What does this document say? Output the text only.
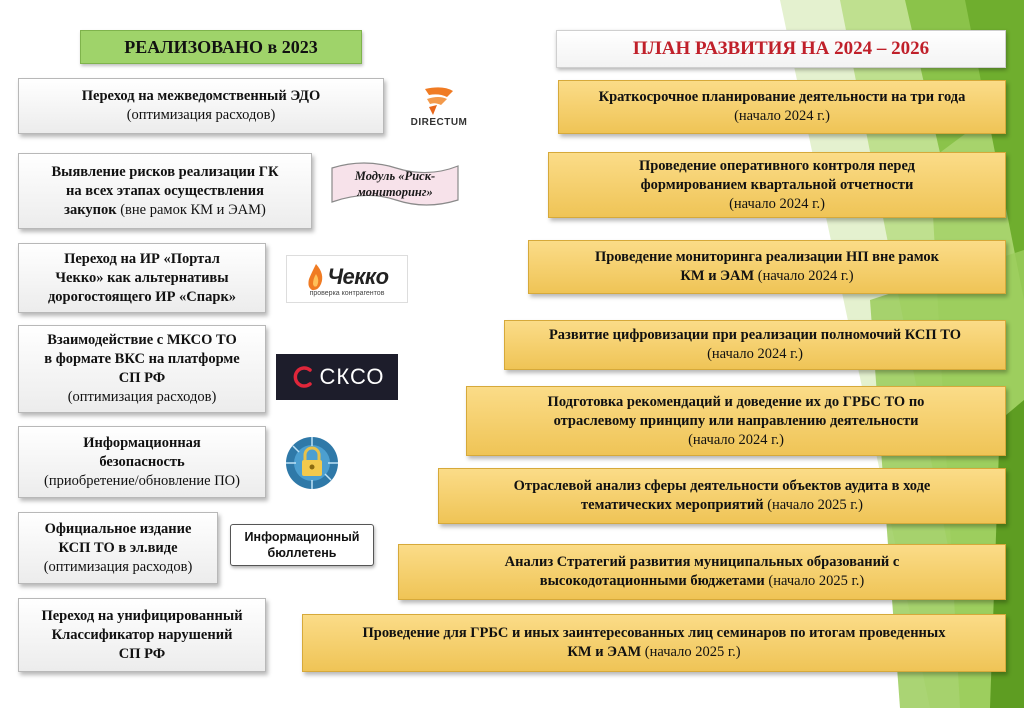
РЕАЛИЗОВАНО в 2023	ПЛАН РАЗВИТИЯ НА 2024 – 2026
Переход на межведомственный ЭДО
(оптимизация расходов)
Выявление рисков реализации ГК
на всех этапах осуществления
закупок (вне рамок КМ и ЭАМ)
Переход на ИР «Портал
Чекко» как альтернативы
дорогостоящего ИР «Спарк»
Взаимодействие с МКСО ТО
в формате ВКС на платформе
СП РФ
(оптимизация расходов)
Информационная
безопасность
(приобретение/обновление ПО)
Официальное издание
КСП ТО в эл.виде
(оптимизация расходов)
Переход на унифицированный
Классификатор нарушений
СП РФ
DIRECTUM
Модуль «Риск-
мониторинг»
Чекко
проверка контрагентов
СКСО
Информационный
бюллетень
Краткосрочное планирование деятельности на три года
(начало 2024 г.)
Проведение оперативного контроля перед
формированием квартальной отчетности
(начало 2024 г.)
Проведение мониторинга реализации НП вне рамок
КМ и ЭАМ (начало 2024 г.)
Развитие цифровизации при реализации полномочий КСП ТО
(начало 2024 г.)
Подготовка рекомендаций и доведение их до ГРБС ТО по
отраслевому принципу или направлению деятельности
(начало 2024 г.)
Отраслевой анализ сферы деятельности объектов аудита в ходе
тематических мероприятий (начало 2025 г.)
Анализ Стратегий развития муниципальных образований с
высокодотационными бюджетами (начало 2025 г.)
Проведение для ГРБС и иных заинтересованных лиц семинаров по итогам проведенных
КМ и ЭАМ (начало 2025 г.)
